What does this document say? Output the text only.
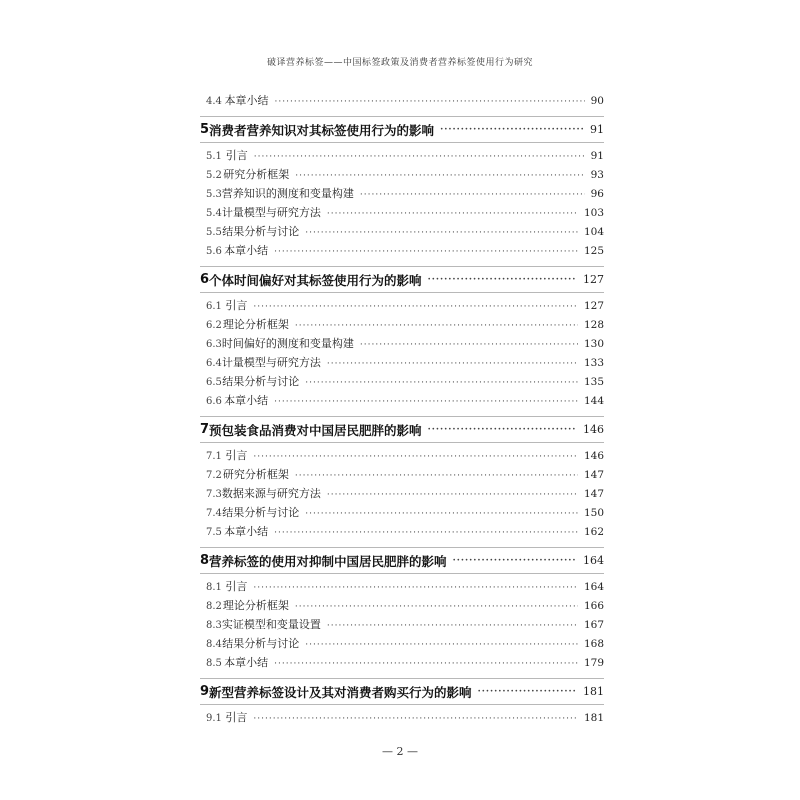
破译营养标签——中国标签政策及消费者营养标签使用行为研究
4.4 本章小结 ·····	90
5 消费者营养知识对其标签使用行为的影响 ·····	91
5.1 引言 ·····	91
5.2 研究分析框架 ·····	93
5.3 营养知识的测度和变量构建 ·····	96
5.4 计量模型与研究方法 ·····	103
5.5 结果分析与讨论 ·····	104
5.6 本章小结 ·····	125
6 个体时间偏好对其标签使用行为的影响 ·····	127
6.1 引言 ·····	127
6.2 理论分析框架 ·····	128
6.3 时间偏好的测度和变量构建 ·····	130
6.4 计量模型与研究方法 ·····	133
6.5 结果分析与讨论 ·····	135
6.6 本章小结 ·····	144
7 预包装食品消费对中国居民肥胖的影响 ·····	146
7.1 引言 ·····	146
7.2 研究分析框架 ·····	147
7.3 数据来源与研究方法 ·····	147
7.4 结果分析与讨论 ·····	150
7.5 本章小结 ·····	162
8 营养标签的使用对抑制中国居民肥胖的影响 ·····	164
8.1 引言 ·····	164
8.2 理论分析框架 ·····	166
8.3 实证模型和变量设置 ·····	167
8.4 结果分析与讨论 ·····	168
8.5 本章小结 ·····	179
9 新型营养标签设计及其对消费者购买行为的影响 ·····	181
9.1 引言 ·····	181
— 2 —
